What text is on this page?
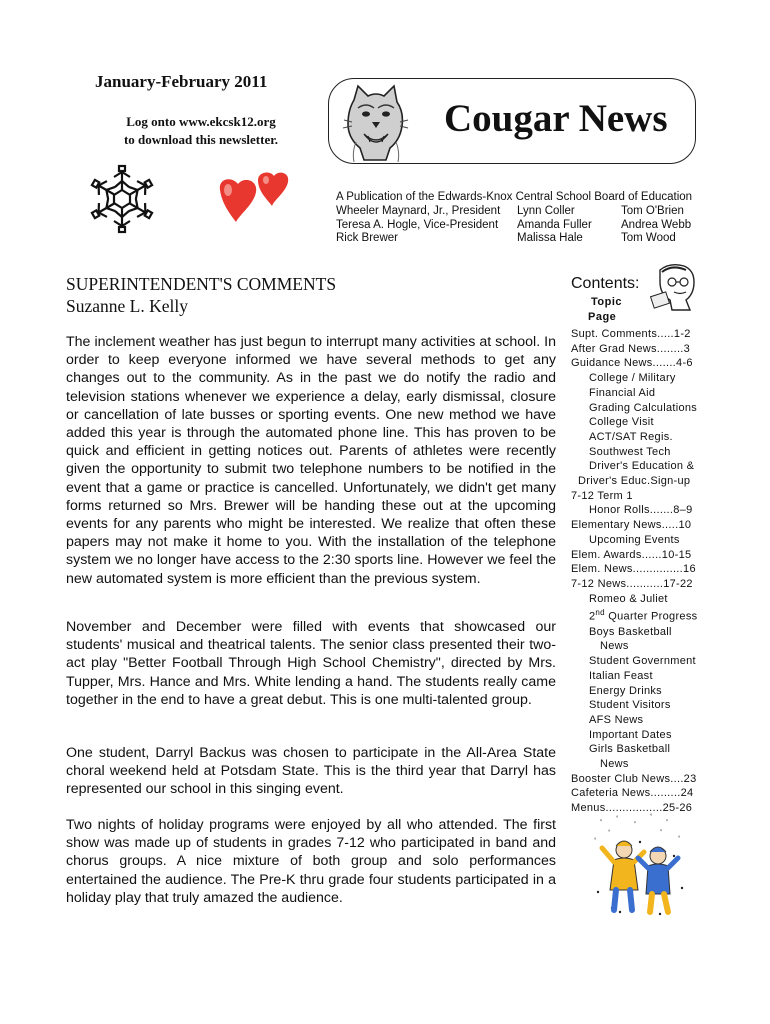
January-February 2011
Log onto www.ekcsk12.org
to download this newsletter.	Cougar News
A Publication of the Edwards-Knox Central School Board of Education
Wheeler Maynard, Jr., President
Teresa A. Hogle, Vice-President
Rick Brewer
Lynn Coller
Amanda Fuller
Malissa Hale
Tom O'Brien
Andrea Webb
Tom Wood
SUPERINTENDENT'S COMMENTS
Suzanne L. Kelly

The inclement weather has just begun to interrupt many activities at school. In order to keep everyone informed we have several methods to get any changes out to the community. As in the past we do notify the radio and television stations whenever we experience a delay, early dismissal, closure or cancellation of late busses or sporting events. One new method we have added this year is through the automated phone line. This has proven to be quick and efficient in getting notices out. Parents of athletes were recently given the opportunity to submit two telephone numbers to be notified in the event that a game or practice is cancelled. Unfortunately, we didn't get many forms returned so Mrs. Brewer will be handing these out at the upcoming events for any parents who might be interested. We realize that often these papers may not make it home to you. With the installation of the telephone system we no longer have access to the 2:30 sports line. However we feel the new automated system is more efficient than the previous system.

November and December were filled with events that showcased our students' musical and theatrical talents. The senior class presented their two-act play "Better Football Through High School Chemistry", directed by Mrs. Tupper, Mrs. Hance and Mrs. White lending a hand. The students really came together in the end to have a great debut. This is one multi-talented group.

One student, Darryl Backus was chosen to participate in the All-Area State choral weekend held at Potsdam State. This is the third year that Darryl has represented our school in this singing event.

Two nights of holiday programs were enjoyed by all who attended. The first show was made up of students in grades 7-12 who participated in band and chorus groups. A nice mixture of both group and solo performances entertained the audience. The Pre-K thru grade four students participated in a holiday play that truly amazed the audience.

Contents:
Topic
Page
Supt. Comments.....1-2
After Grad News........3
Guidance News.......4-6
College / Military
Financial Aid
Grading Calculations
College Visit
ACT/SAT Regis.
Southwest Tech
Driver's Education &
Driver's Educ.Sign-up
7-12 Term 1
Honor Rolls.......8–9
Elementary News.....10
Upcoming Events
Elem. Awards......10-15
Elem. News...............16
7-12 News...........17-22
Romeo & Juliet
2nd Quarter Progress
Boys Basketball
News
Student Government
Italian Feast
Energy Drinks
Student Visitors
AFS News
Important Dates
Girls Basketball
News
Booster Club News....23
Cafeteria News.........24
Menus.................25-26
″
°
″
°
″
°	°
″
°
